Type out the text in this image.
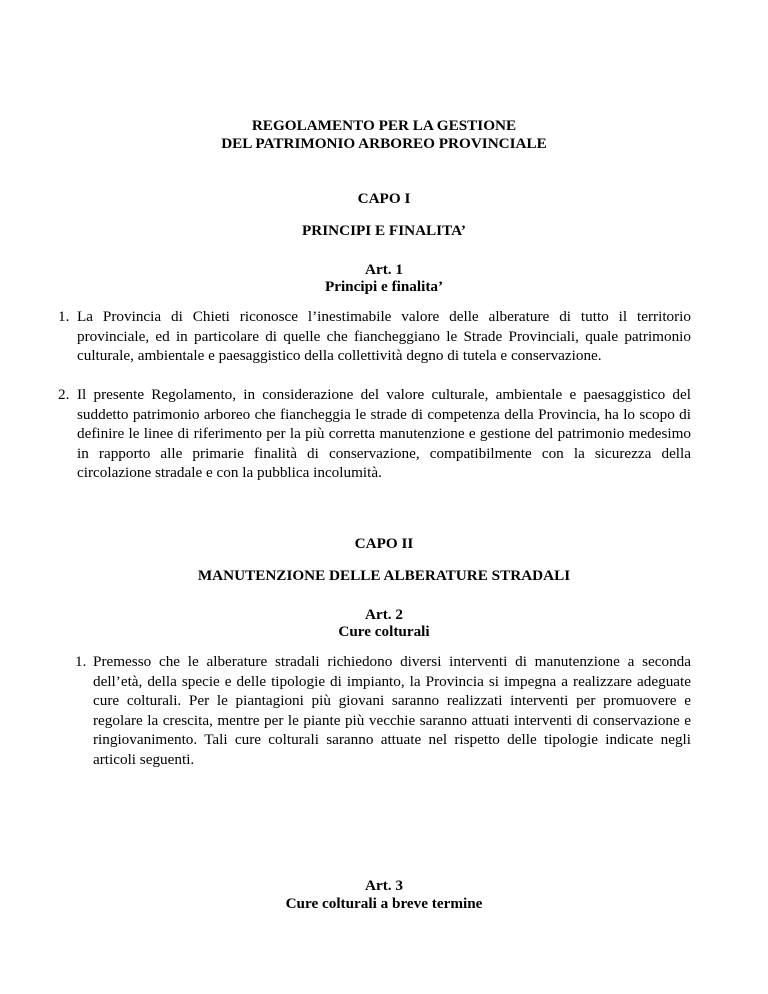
REGOLAMENTO PER LA GESTIONE

DEL PATRIMONIO ARBOREO PROVINCIALE

CAPO I

PRINCIPI E FINALITA’

Art. 1

Principi e finalita’

1. La Provincia di Chieti riconosce l’inestimabile valore delle alberature di tutto il territorio provinciale, ed in particolare di quelle che fiancheggiano le Strade Provinciali, quale patrimonio culturale, ambientale e paesaggistico della collettività degno di tutela e conservazione.
2. Il presente Regolamento, in considerazione del valore culturale, ambientale e paesaggistico del suddetto patrimonio arboreo che fiancheggia le strade di competenza della Provincia, ha lo scopo di definire le linee di riferimento per la più corretta manutenzione e gestione del patrimonio medesimo in rapporto alle primarie finalità di conservazione, compatibilmente con la sicurezza della circolazione stradale e con la pubblica incolumità.

CAPO II

MANUTENZIONE DELLE ALBERATURE STRADALI

Art. 2

Cure colturali

1. Premesso che le alberature stradali richiedono diversi interventi di manutenzione a seconda dell’età, della specie e delle tipologie di impianto, la Provincia si impegna a realizzare adeguate cure colturali. Per le piantagioni più giovani saranno realizzati interventi per promuovere e regolare la crescita, mentre per le piante più vecchie saranno attuati interventi di conservazione e ringiovanimento. Tali cure colturali saranno attuate nel rispetto delle tipologie indicate negli articoli seguenti.

Art. 3

Cure colturali a breve termine
